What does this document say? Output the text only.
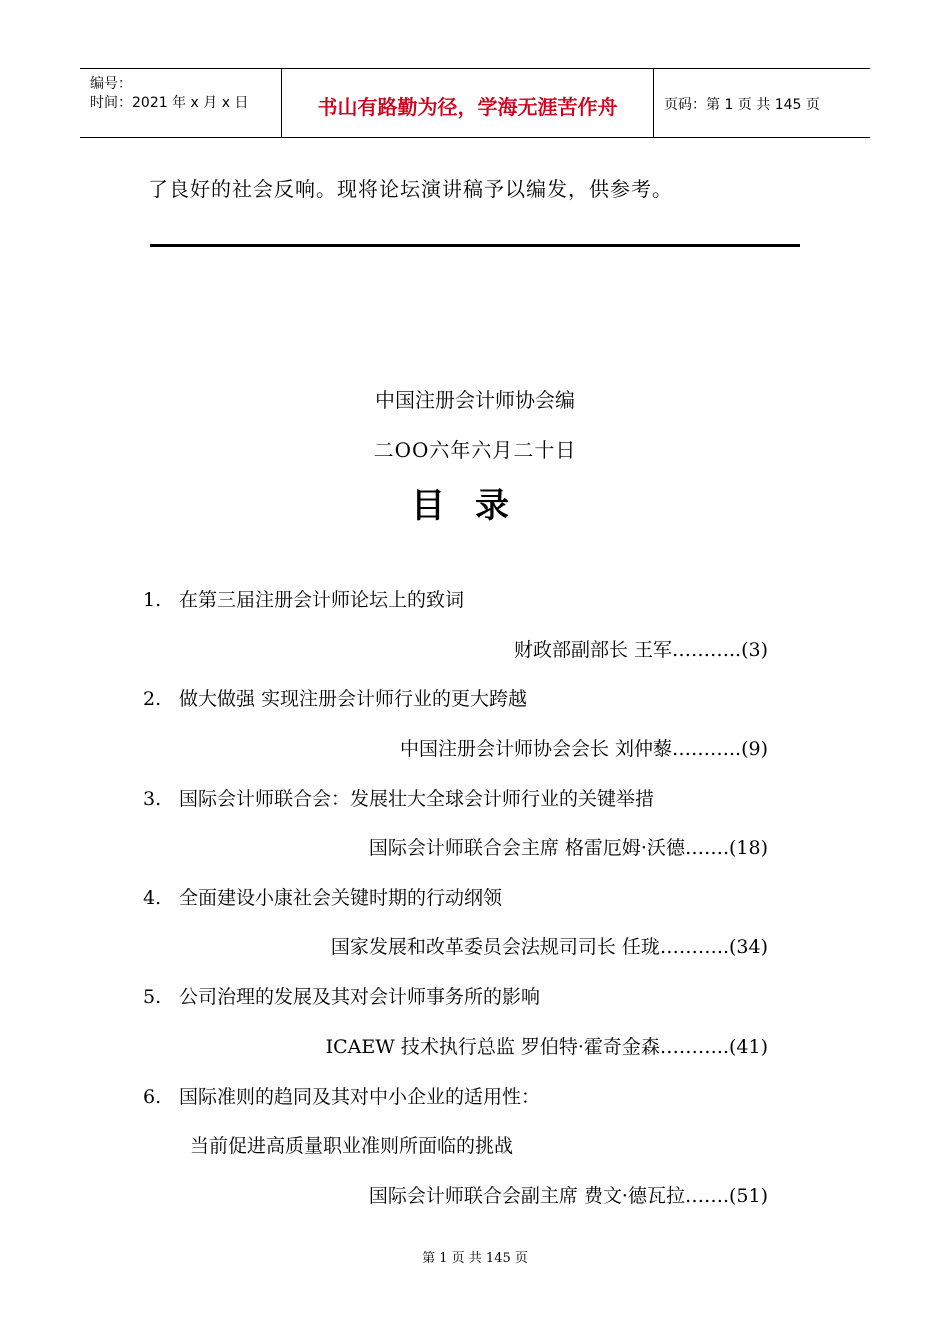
编号：
时间：2021 年 x 月 x 日	书山有路勤为径，学海无涯苦作舟	页码：第 1 页 共 145 页
了良好的社会反响。现将论坛演讲稿予以编发，供参考。
中国注册会计师协会编
二OO六年六月二十日
目录
1. 在第三届注册会计师论坛上的致词
财政部副部长 王军………..(3)
2. 做大做强 实现注册会计师行业的更大跨越
中国注册会计师协会会长 刘仲藜………..(9)
3. 国际会计师联合会：发展壮大全球会计师行业的关键举措
国际会计师联合会主席 格雷厄姆·沃德…….(18)
4. 全面建设小康社会关键时期的行动纲领
国家发展和改革委员会法规司司长 任珑………..(34)
5. 公司治理的发展及其对会计师事务所的影响
ICAEW 技术执行总监 罗伯特·霍奇金森………..(41)
6. 国际准则的趋同及其对中小企业的适用性：
当前促进高质量职业准则所面临的挑战
国际会计师联合会副主席 费文·德瓦拉…….(51)
第 1 页 共 145 页
